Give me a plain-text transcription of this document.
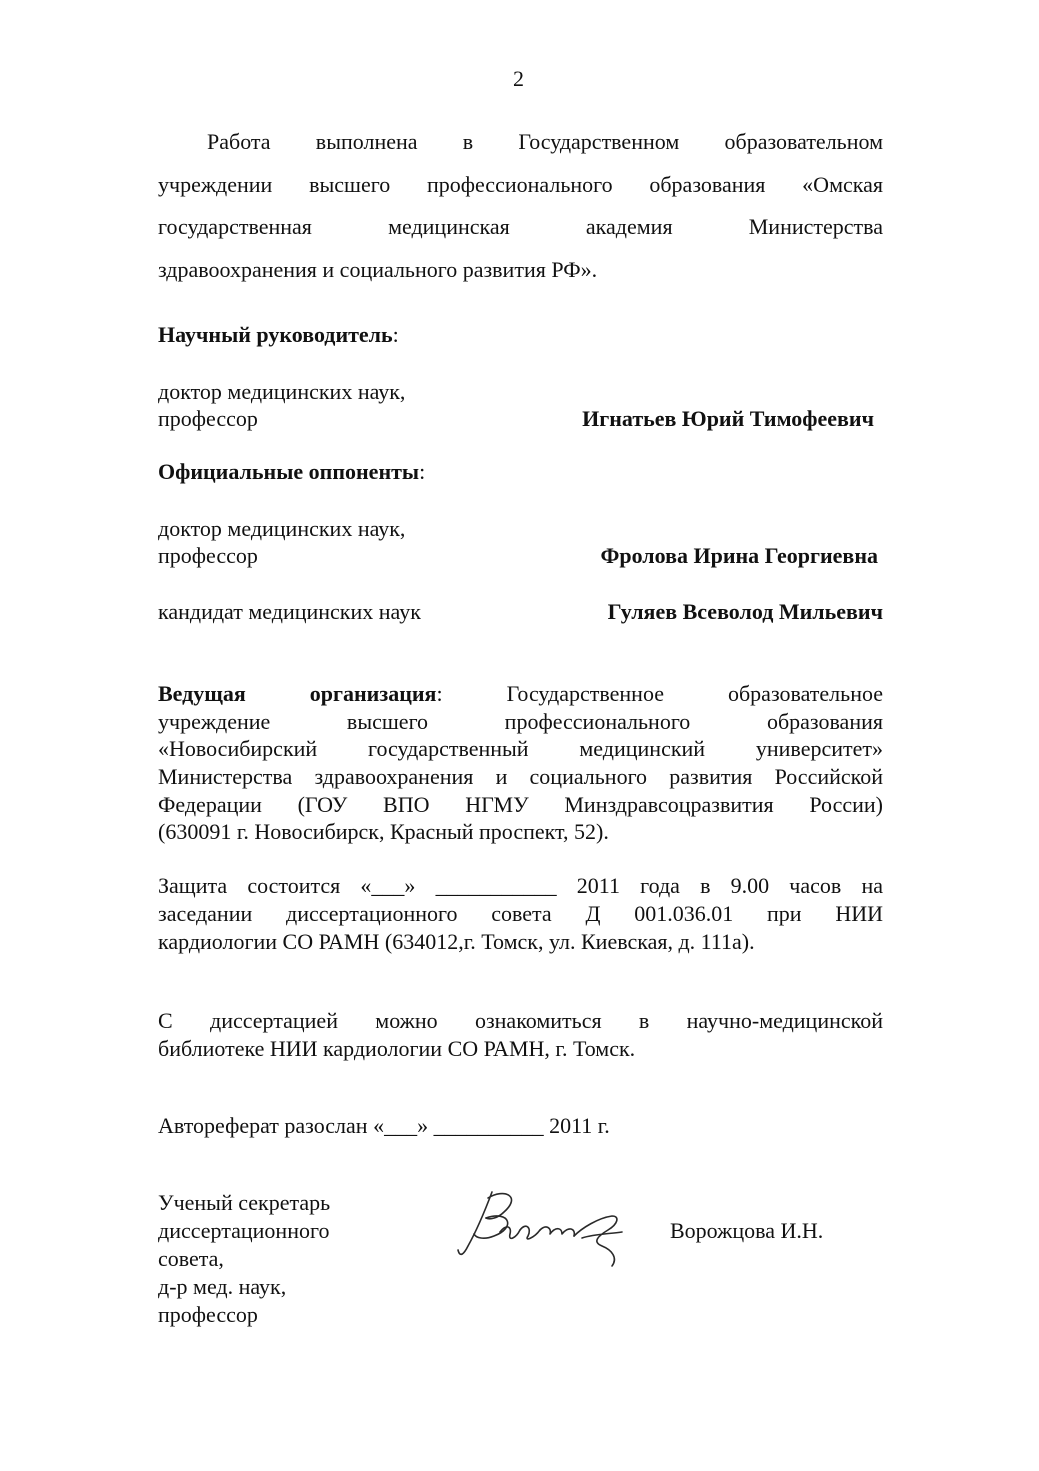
2
Работа выполнена в Государственном образовательном
учреждении высшего профессионального образования «Омская
государственная медицинская академия Министерства
здравоохранения и социального развития РФ».
Научный руководитель:
доктор медицинских наук,
профессор	Игнатьев Юрий Тимофеевич
Официальные оппоненты:
доктор медицинских наук,
профессор	Фролова Ирина Георгиевна
кандидат медицинских наук	Гуляев Всеволод Мильевич
Ведущая организация:	Государственное образовательное
учреждение высшего профессионального образования
«Новосибирский государственный медицинский университет»
Министерства здравоохранения и социального развития Российской
Федерации (ГОУ ВПО НГМУ Минздравсоцразвития России)
(630091 г. Новосибирск, Красный проспект, 52).
Защита состоится «___» ___________ 2011 года в 9.00 часов на
заседании диссертационного совета Д 001.036.01 при НИИ
кардиологии СО РАМН (634012,г. Томск, ул. Киевская, д. 111а).
С диссертацией можно ознакомиться в научно-медицинской
библиотеке НИИ кардиологии СО РАМН, г. Томск.
Автореферат разослан «___» __________ 2011 г.
Ученый секретарь
диссертационного
совета,
д-р мед. наук,
профессор
Ворожцова И.Н.
